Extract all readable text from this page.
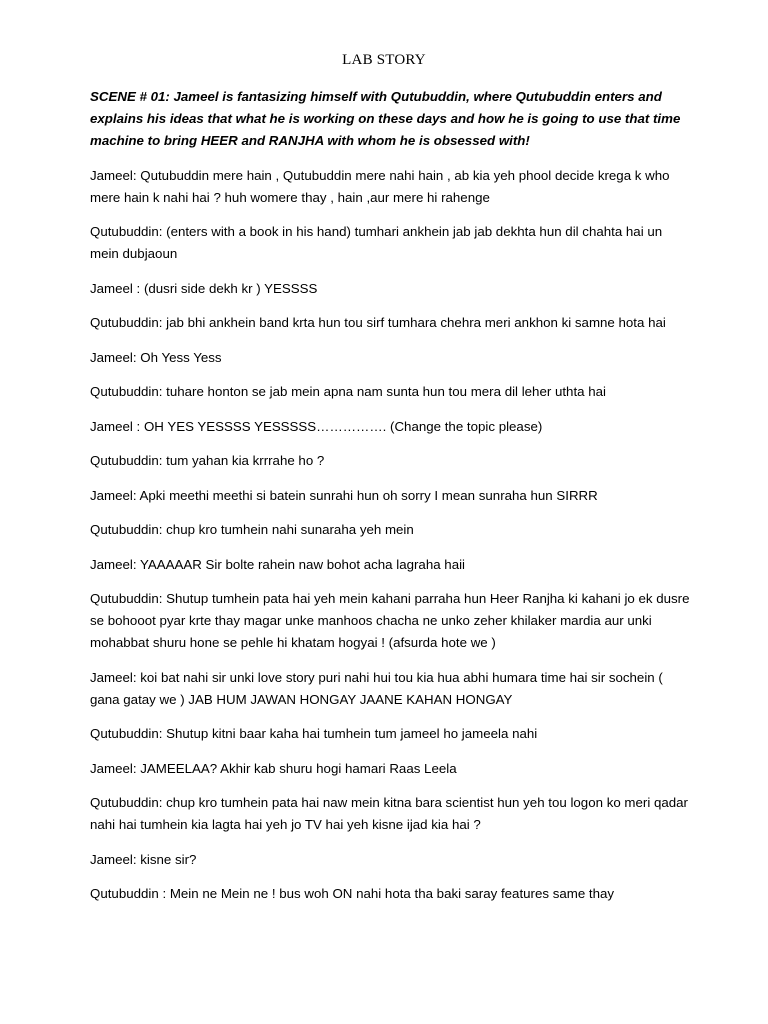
LAB STORY

SCENE # 01: Jameel is fantasizing himself with Qutubuddin, where Qutubuddin enters and explains his ideas that what he is working on these days and how he is going to use that time machine to bring HEER and RANJHA with whom he is obsessed with!

Jameel: Qutubuddin mere hain , Qutubuddin mere nahi hain , ab kia yeh phool decide krega k who mere hain k nahi hai ? huh womere thay , hain ,aur mere hi rahenge

Qutubuddin: (enters with a book in his hand) tumhari ankhein jab jab dekhta hun dil chahta hai un mein dubjaoun

Jameel : (dusri side dekh kr ) YESSSS

Qutubuddin: jab bhi ankhein band krta hun tou sirf tumhara chehra meri ankhon ki samne hota hai

Jameel: Oh Yess Yess

Qutubuddin: tuhare honton se jab mein apna nam sunta hun tou mera dil leher uthta hai

Jameel : OH YES YESSSS YESSSSS……………. (Change the topic please)

Qutubuddin: tum yahan kia krrrahe ho ?

Jameel: Apki meethi meethi si batein sunrahi hun oh sorry I mean sunraha hun SIRRR

Qutubuddin: chup kro tumhein nahi sunaraha yeh mein

Jameel: YAAAAAR Sir bolte rahein naw bohot acha lagraha haii

Qutubuddin: Shutup tumhein pata hai yeh mein kahani parraha hun Heer Ranjha ki kahani jo ek dusre se bohooot pyar krte thay magar unke manhoos chacha ne unko zeher khilaker mardia aur unki mohabbat shuru hone se pehle hi khatam hogyai ! (afsurda hote we )

Jameel: koi bat nahi sir unki love story puri nahi hui tou kia hua abhi humara time hai sir sochein ( gana gatay we ) JAB HUM JAWAN HONGAY JAANE KAHAN HONGAY

Qutubuddin: Shutup kitni baar kaha hai tumhein tum jameel ho jameela nahi

Jameel: JAMEELAA? Akhir kab shuru hogi hamari Raas Leela

Qutubuddin: chup kro tumhein pata hai naw mein kitna bara scientist hun yeh tou logon ko meri qadar nahi hai tumhein kia lagta hai yeh jo TV hai yeh kisne ijad kia hai ?

Jameel: kisne sir?

Qutubuddin : Mein ne Mein ne ! bus woh ON nahi hota tha baki saray features same thay
